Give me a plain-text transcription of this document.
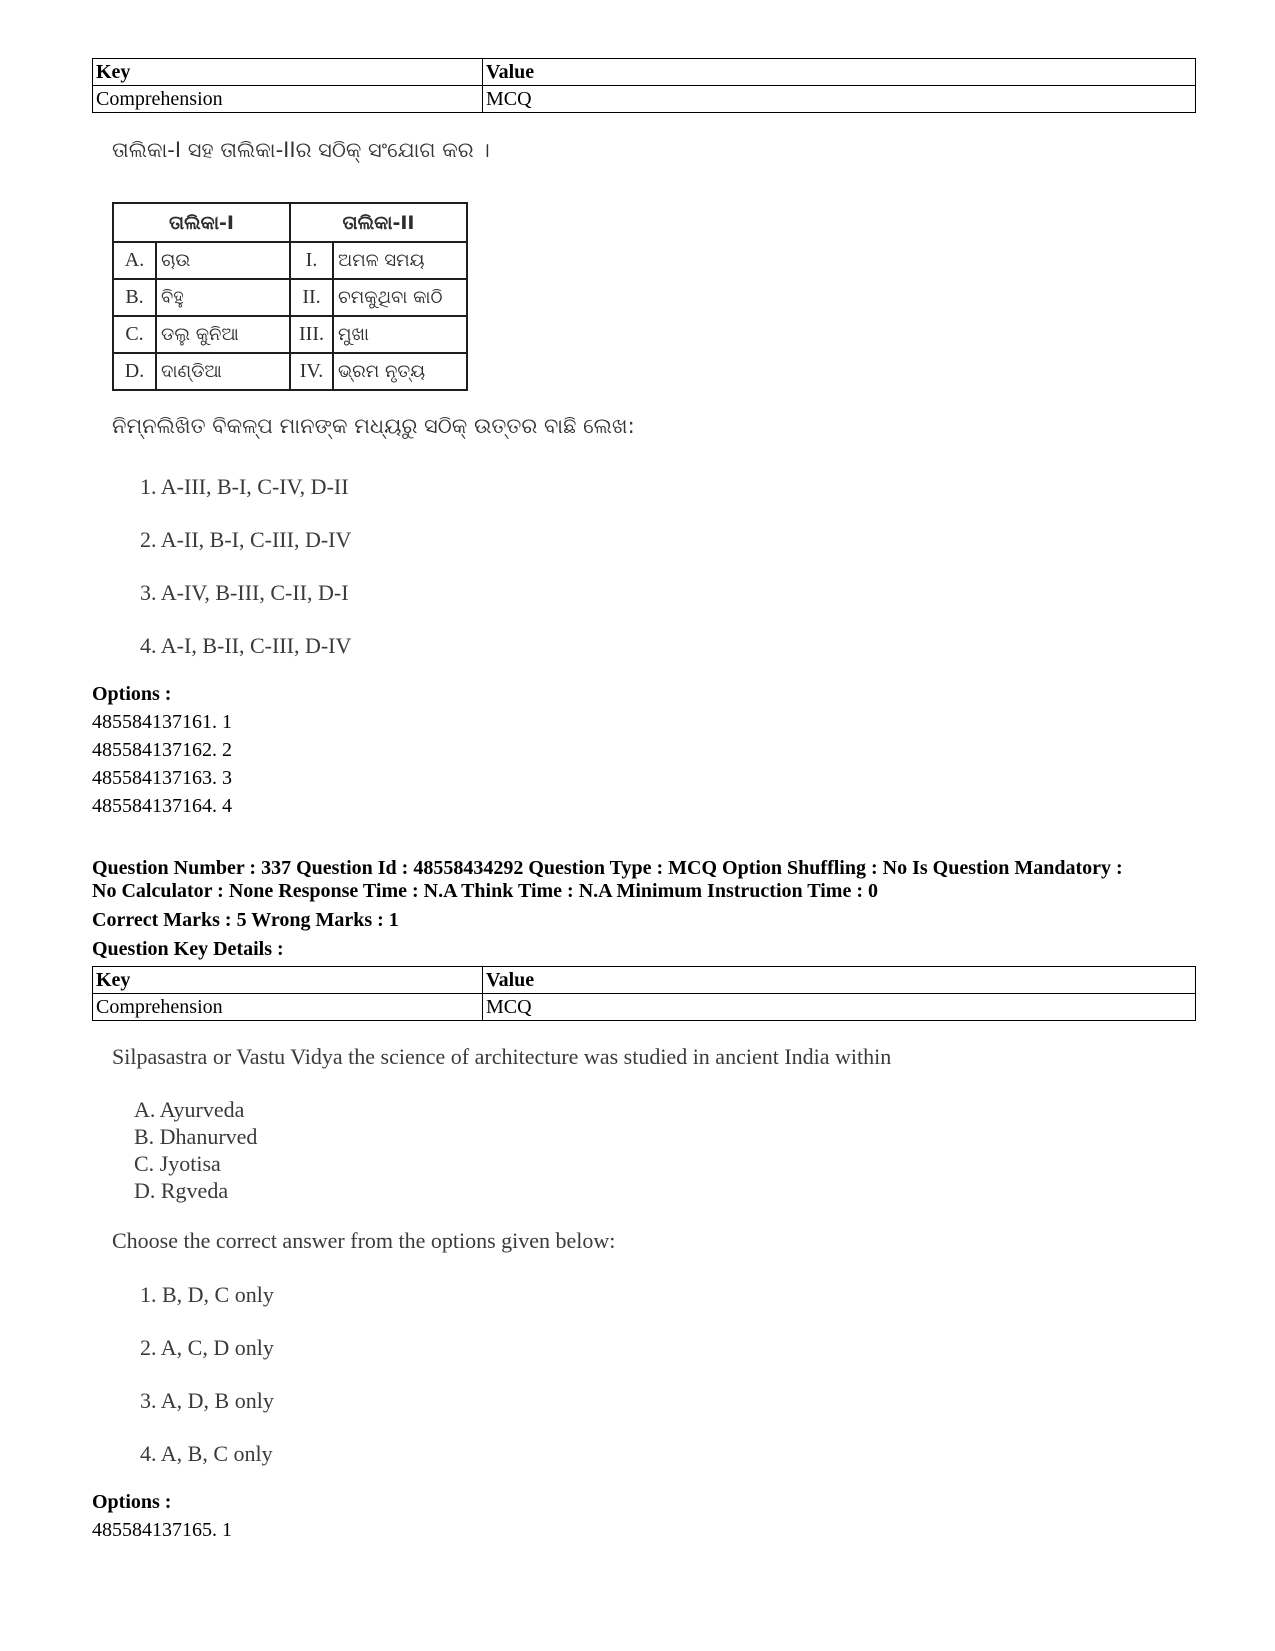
Key	Value
Comprehension	MCQ
ତାଲିକା-I ସହ ତାଲିକା-IIର ସଠିକ୍ ସଂଯୋଗ କର ।
ତାଲିକା-I		ତାଲିକା-II	
A.	ଚାଉ	I.	ଅମଳ ସମୟ
B.	ବିହୁ	II.	ଚମକୁଥିବା କାଠି
C.	ଡଲୁ କୁନିଆ	III.	ମୁଖା
D.	ଦାଣ୍ଡିଆ	IV.	ଭ୍ରମ ନୃତ୍ୟ
ନିମ୍ନଲିଖିତ ବିକଳ୍ପ ମାନଙ୍କ ମଧ୍ୟରୁ ସଠିକ୍ ଉତ୍ତର ବାଛି ଲେଖ:
1. A-III, B-I, C-IV, D-II
2. A-II, B-I, C-III, D-IV
3. A-IV, B-III, C-II, D-I
4. A-I, B-II, C-III, D-IV
Options :
485584137161. 1
485584137162. 2
485584137163. 3
485584137164. 4
Question Number : 337 Question Id : 48558434292 Question Type : MCQ Option Shuffling : No Is Question Mandatory :
No Calculator : None Response Time : N.A Think Time : N.A Minimum Instruction Time : 0
Correct Marks : 5 Wrong Marks : 1
Question Key Details :
Key	Value
Comprehension	MCQ
Silpasastra or Vastu Vidya the science of architecture was studied in ancient India within
A. Ayurveda
B. Dhanurved
C. Jyotisa
D. Rgveda
Choose the correct answer from the options given below:
1. B, D, C only
2. A, C, D only
3. A, D, B only
4. A, B, C only
Options :
485584137165. 1
